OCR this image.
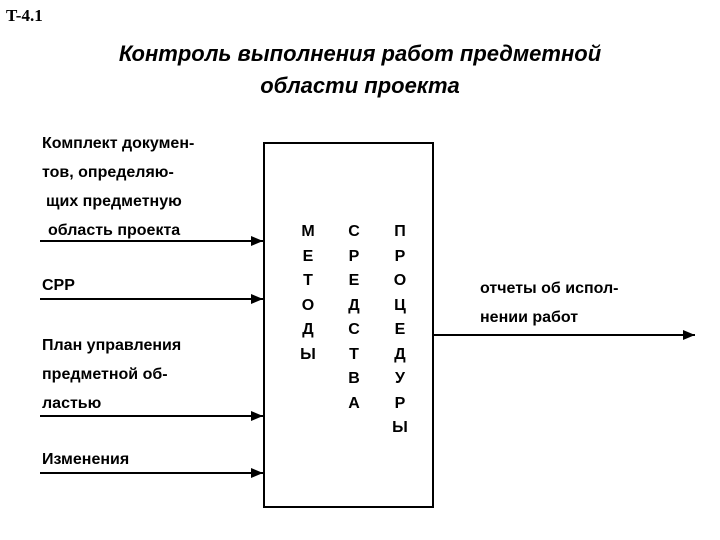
T-4.1
Контроль выполнения работ предметной
области проекта
Комплект докумен-
тов, определяю-
щих предметную
область проекта
СРР
План управления
предметной об-
ластью
Изменения
М
Е
Т
О
Д
Ы
С
Р
Е
Д
С
Т
В
А
П
Р
О
Ц
Е
Д
У
Р
Ы
отчеты об испол-
нении работ
